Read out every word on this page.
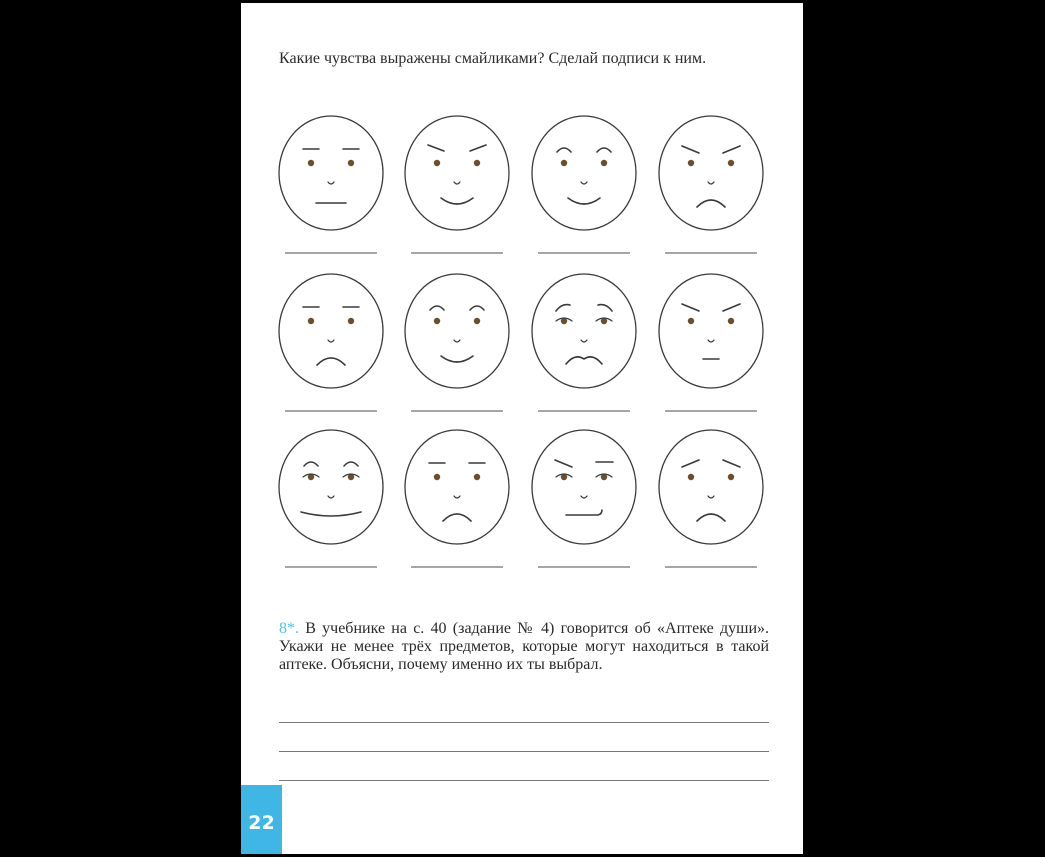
Какие чувства выражены смайликами? Сделай подписи к ним.

8*. В учебнике на с. 40 (задание № 4) говорится об «Аптеке души». Укажи не менее трёх предметов, которые могут находиться в такой аптеке. Объясни, почему именно их ты выбрал.

22
